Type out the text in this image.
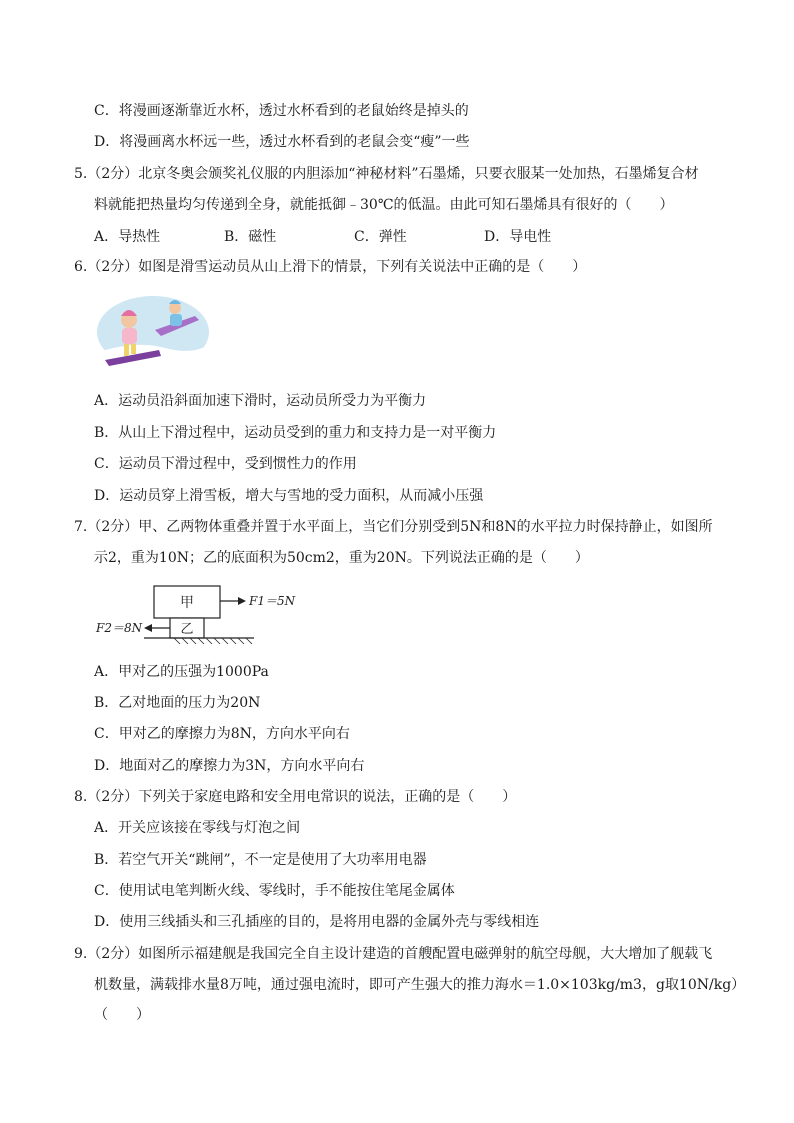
C．将漫画逐渐靠近水杯，透过水杯看到的老鼠始终是掉头的
D．将漫画离水杯远一些，透过水杯看到的老鼠会变“瘦”一些
5.（2分）北京冬奥会颁奖礼仪服的内胆添加“神秘材料”石墨烯，只要衣服某一处加热，石墨烯复合材
料就能把热量均匀传递到全身，就能抵御﹣30℃的低温。由此可知石墨烯具有很好的（　　）
A．导热性	B．磁性	C．弹性	D．导电性
6.（2分）如图是滑雪运动员从山上滑下的情景，下列有关说法中正确的是（　　）
A．运动员沿斜面加速下滑时，运动员所受力为平衡力
B．从山上下滑过程中，运动员受到的重力和支持力是一对平衡力
C．运动员下滑过程中，受到惯性力的作用
D．运动员穿上滑雪板，增大与雪地的受力面积，从而减小压强
7.（2分）甲、乙两物体重叠并置于水平面上，当它们分别受到5N和8N的水平拉力时保持静止，如图所
示2，重为10N；乙的底面积为50cm2，重为20N。下列说法正确的是（　　）
甲
乙
F1＝5N
F2＝8N
A．甲对乙的压强为1000Pa
B．乙对地面的压力为20N
C．甲对乙的摩擦力为8N，方向水平向右
D．地面对乙的摩擦力为3N，方向水平向右
8.（2分）下列关于家庭电路和安全用电常识的说法，正确的是（　　）
A．开关应该接在零线与灯泡之间
B．若空气开关“跳闸”，不一定是使用了大功率用电器
C．使用试电笔判断火线、零线时，手不能按住笔尾金属体
D．使用三线插头和三孔插座的目的，是将用电器的金属外壳与零线相连
9.（2分）如图所示福建舰是我国完全自主设计建造的首艘配置电磁弹射的航空母舰，大大增加了舰载飞
机数量，满载排水量8万吨，通过强电流时，即可产生强大的推力海水＝1.0×103kg/m3，g取10N/kg）
（　　）
